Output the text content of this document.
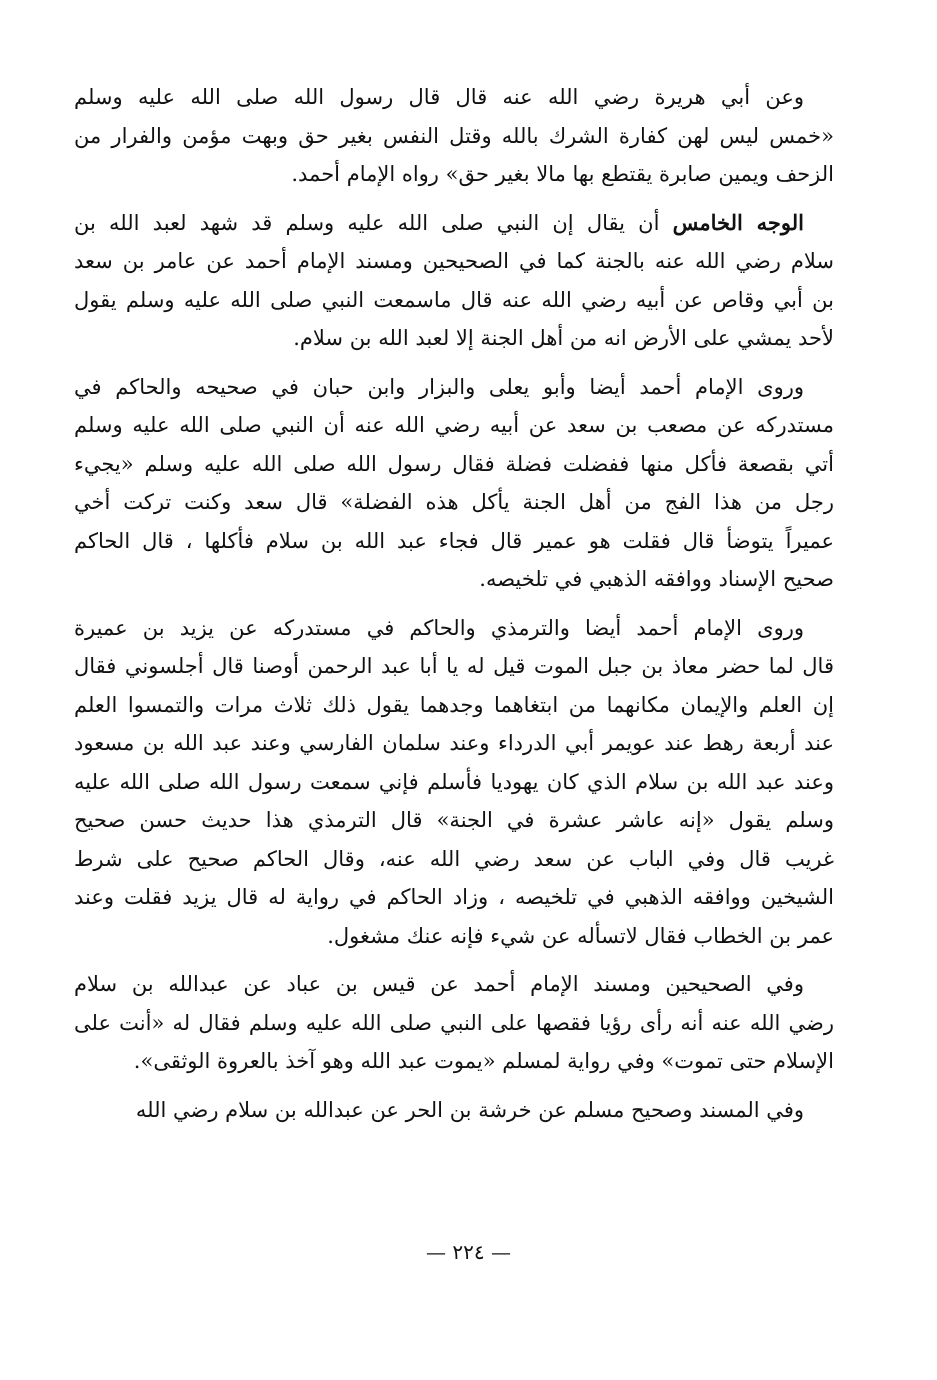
وعن أبي هريرة رضي الله عنه قال قال رسول الله صلى الله عليه وسلم
«خمس ليس لهن كفارة الشرك بالله وقتل النفس بغير حق وبهت مؤمن والفرار من
الزحف ويمين صابرة يقتطع بها مالا بغير حق» رواه الإمام أحمد.

الوجه الخامس أن يقال إن النبي صلى الله عليه وسلم قد شهد لعبد الله بن
سلام رضي الله عنه بالجنة كما في الصحيحين ومسند الإمام أحمد عن عامر بن سعد
بن أبي وقاص عن أبيه رضي الله عنه قال ماسمعت النبي صلى الله عليه وسلم يقول
لأحد يمشي على الأرض انه من أهل الجنة إلا لعبد الله بن سلام.

وروى الإمام أحمد أيضا وأبو يعلى والبزار وابن حبان في صحيحه والحاكم في
مستدركه عن مصعب بن سعد عن أبيه رضي الله عنه أن النبي صلى الله عليه وسلم
أتي بقصعة فأكل منها ففضلت فضلة فقال رسول الله صلى الله عليه وسلم «يجيء
رجل من هذا الفج من أهل الجنة يأكل هذه الفضلة» قال سعد وكنت تركت أخي
عميراً يتوضأ قال فقلت هو عمير قال فجاء عبد الله بن سلام فأكلها ، قال الحاكم
صحيح الإسناد ووافقه الذهبي في تلخيصه.

وروى الإمام أحمد أيضا والترمذي والحاكم في مستدركه عن يزيد بن عميرة
قال لما حضر معاذ بن جبل الموت قيل له يا أبا عبد الرحمن أوصنا قال أجلسوني فقال
إن العلم والإيمان مكانهما من ابتغاهما وجدهما يقول ذلك ثلاث مرات والتمسوا العلم
عند أربعة رهط عند عويمر أبي الدرداء وعند سلمان الفارسي وعند عبد الله بن مسعود
وعند عبد الله بن سلام الذي كان يهوديا فأسلم فإني سمعت رسول الله صلى الله عليه
وسلم يقول «إنه عاشر عشرة في الجنة» قال الترمذي هذا حديث حسن صحيح
غريب قال وفي الباب عن سعد رضي الله عنه، وقال الحاكم صحيح على شرط
الشيخين ووافقه الذهبي في تلخيصه ، وزاد الحاكم في رواية له قال يزيد فقلت وعند
عمر بن الخطاب فقال لاتسأله عن شيء فإنه عنك مشغول.

وفي الصحيحين ومسند الإمام أحمد عن قيس بن عباد عن عبدالله بن سلام
رضي الله عنه أنه رأى رؤيا فقصها على النبي صلى الله عليه وسلم فقال له «أنت على
الإسلام حتى تموت» وفي رواية لمسلم «يموت عبد الله وهو آخذ بالعروة الوثقى».

وفي المسند وصحيح مسلم عن خرشة بن الحر عن عبدالله بن سلام رضي الله

— ٢٢٤ —
